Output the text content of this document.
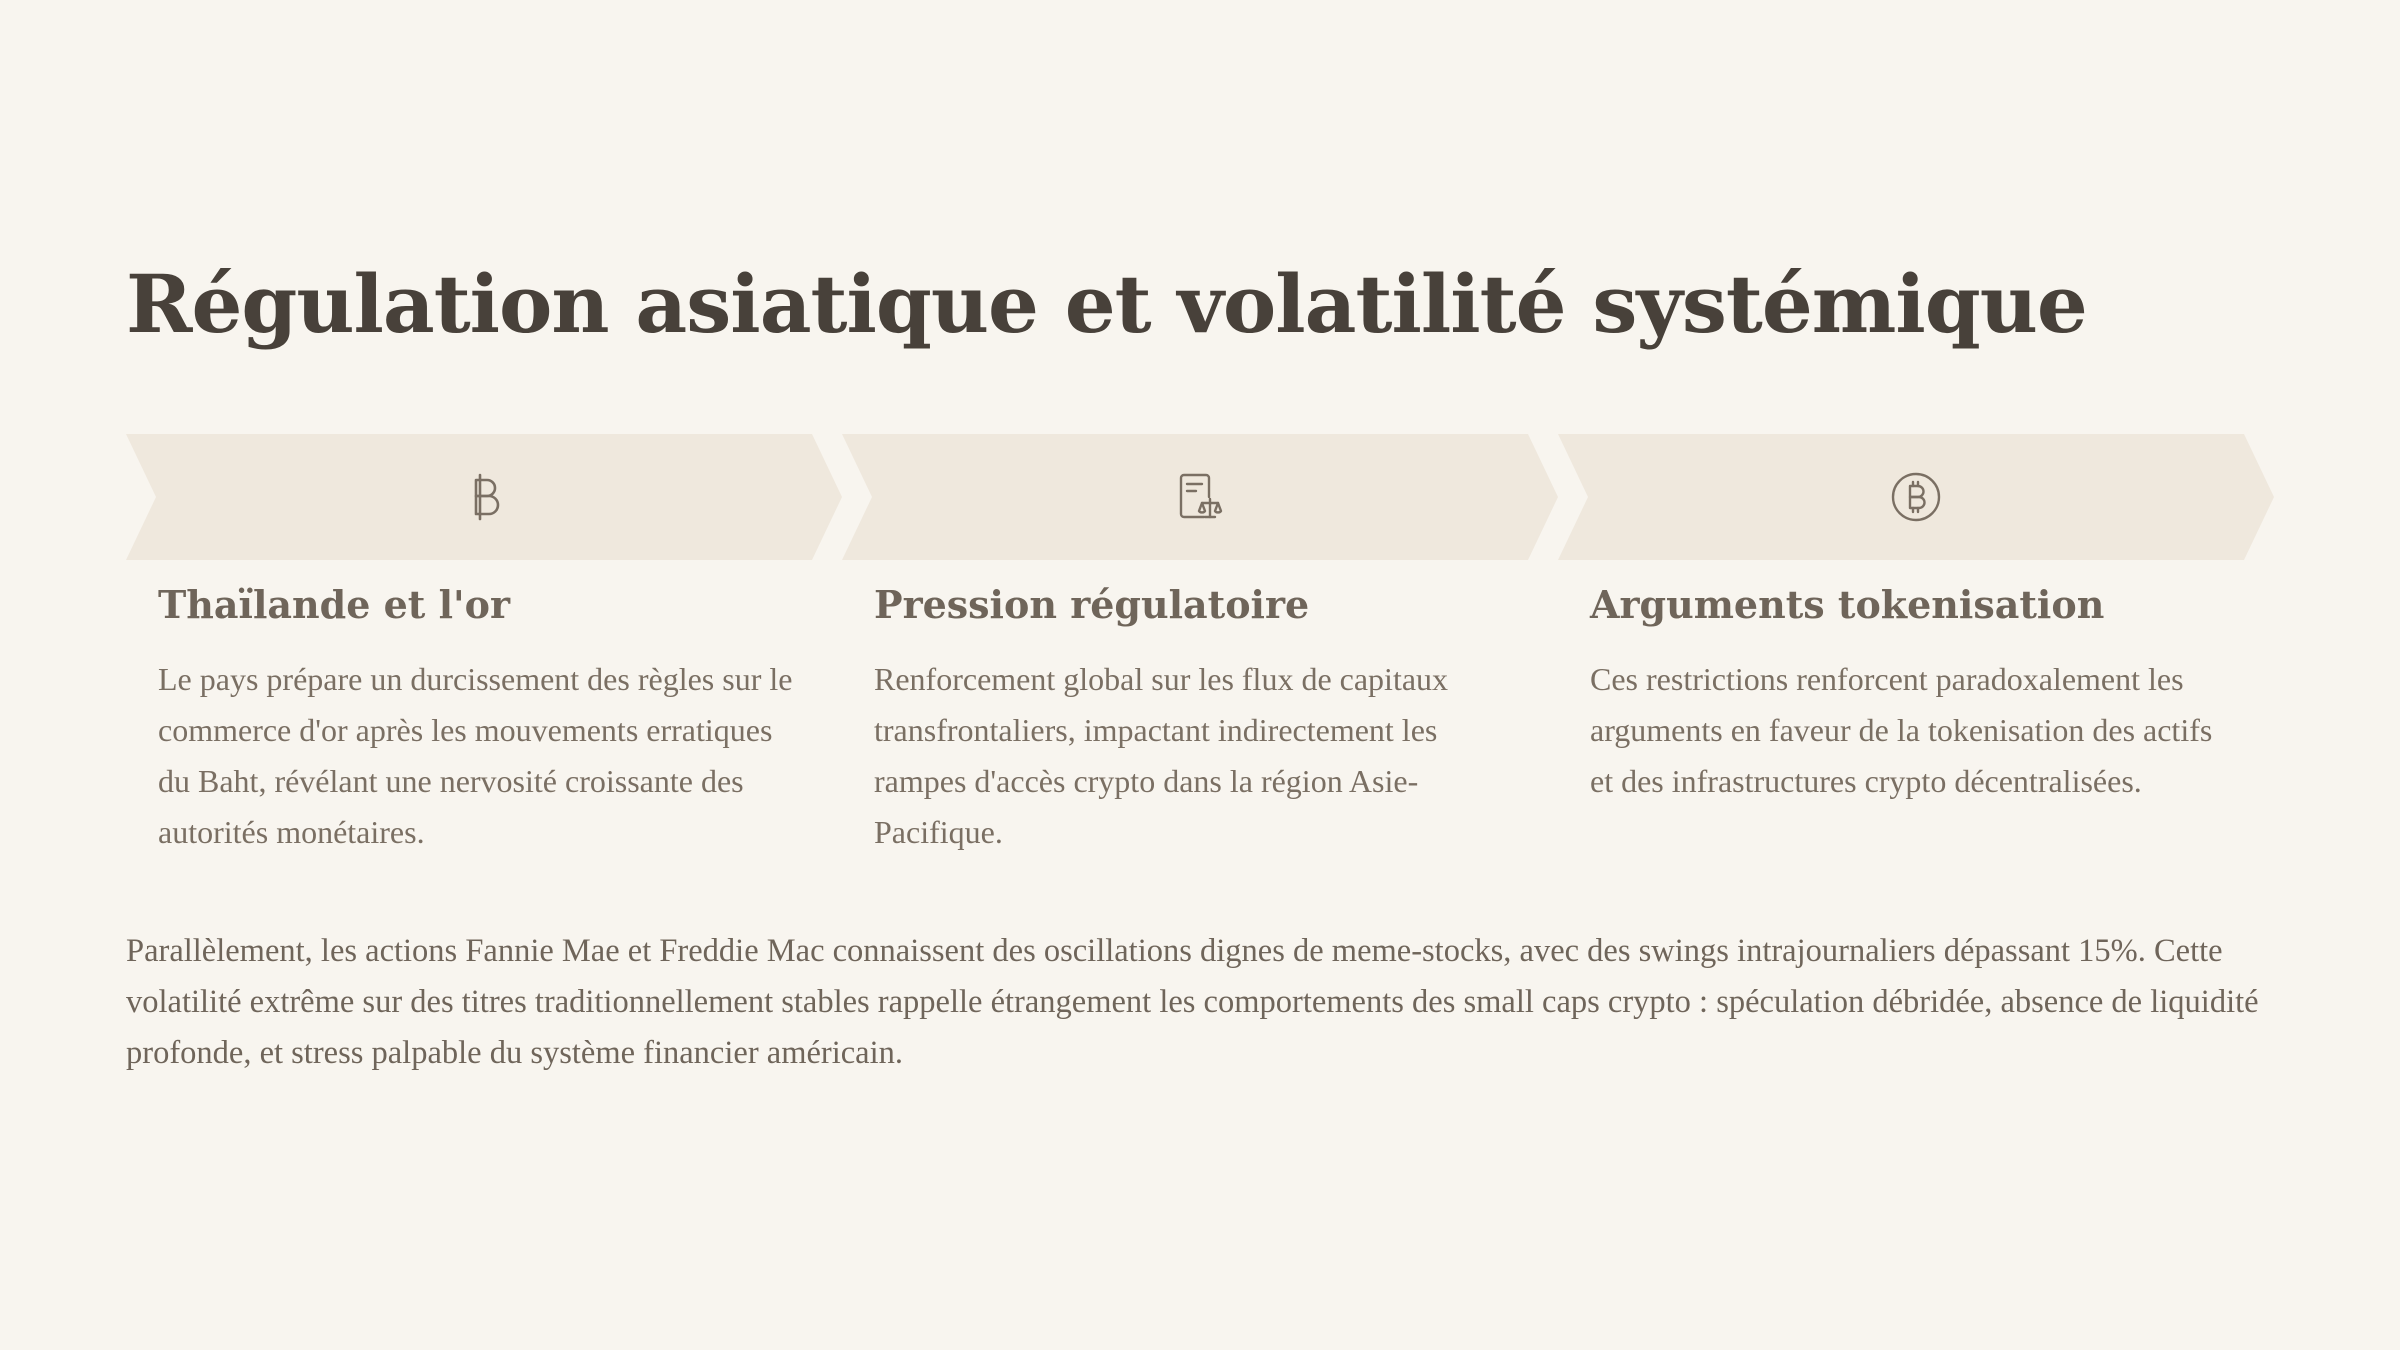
Régulation asiatique et volatilité systémique
Thaïlande et l'or

Le pays prépare un durcissement des règles sur le commerce d'or après les mouvements erratiques du Baht, révélant une nervosité croissante des autorités monétaires.

Pression régulatoire

Renforcement global sur les flux de capitaux transfrontaliers, impactant indirectement les rampes d'accès crypto dans la région Asie-Pacifique.

Arguments tokenisation

Ces restrictions renforcent paradoxalement les arguments en faveur de la tokenisation des actifs et des infrastructures crypto décentralisées.

Parallèlement, les actions Fannie Mae et Freddie Mac connaissent des oscillations dignes de meme-stocks, avec des swings intrajournaliers dépassant 15%. Cette volatilité extrême sur des titres traditionnellement stables rappelle étrangement les comportements des small caps crypto : spéculation débridée, absence de liquidité profonde, et stress palpable du système financier américain.
